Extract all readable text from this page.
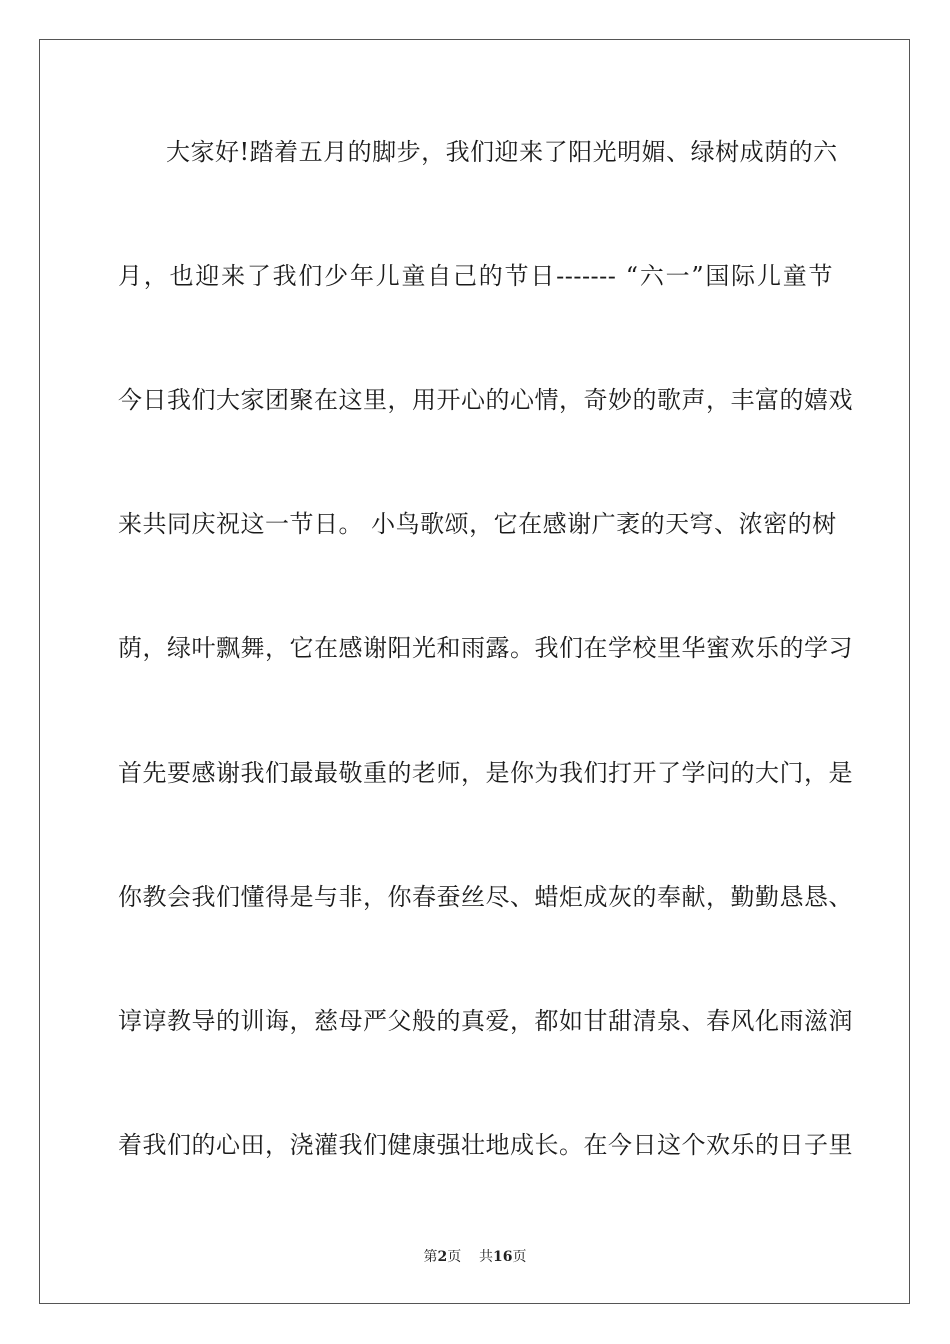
大家好!踏着五月的脚步，我们迎来了阳光明媚、绿树成荫的六
月，也迎来了我们少年儿童自己的节日------- “六一”国际儿童节
今日我们大家团聚在这里，用开心的心情，奇妙的歌声，丰富的嬉戏
来共同庆祝这一节日。 小鸟歌颂，它在感谢广袤的天穹、浓密的树
荫，绿叶飘舞，它在感谢阳光和雨露。我们在学校里华蜜欢乐的学习
首先要感谢我们最最敬重的老师，是你为我们打开了学问的大门，是
你教会我们懂得是与非，你春蚕丝尽、蜡炬成灰的奉献，勤勤恳恳、
谆谆教导的训诲，慈母严父般的真爱，都如甘甜清泉、春风化雨滋润
着我们的心田，浇灌我们健康强壮地成长。在今日这个欢乐的日子里
第2页 共16页
